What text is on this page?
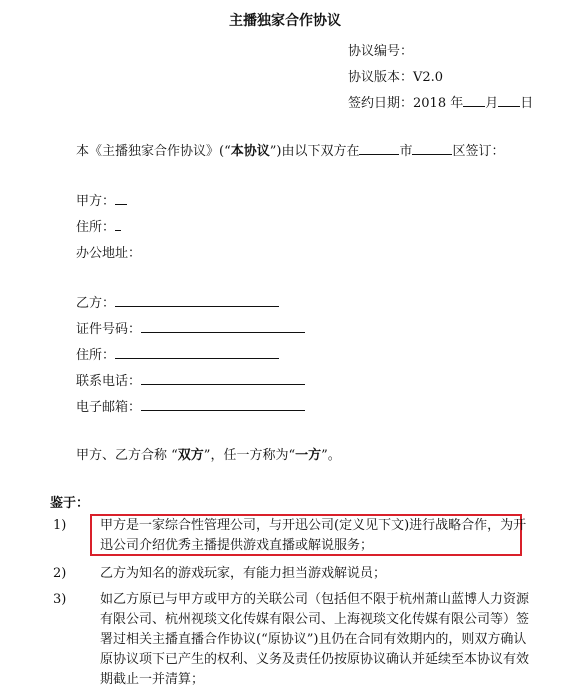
主播独家合作协议
协议编号：
协议版本：V2.0
签约日期：2018 年 月 日
本《主播独家合作协议》(“本协议”)由以下双方在	市	区签订：
甲方：
住所：
办公地址：
乙方：
证件号码：
住所：
联系电话：
电子邮箱：
甲方、乙方合称 “双方”，任一方称为“一方”。
鉴于：
1)	甲方是一家综合性管理公司，与开迅公司(定义见下文)进行战略合作，为开迅公司介绍优秀主播提供游戏直播或解说服务；
2)	乙方为知名的游戏玩家，有能力担当游戏解说员；
3)	如乙方原已与甲方或甲方的关联公司（包括但不限于杭州萧山蓝博人力资源有限公司、杭州视琰文化传媒有限公司、上海视琰文化传媒有限公司等）签署过相关主播直播合作协议(“原协议”)且仍在合同有效期内的，则双方确认原协议项下已产生的权利、义务及责任仍按原协议确认并延续至本协议有效期截止一并清算；
